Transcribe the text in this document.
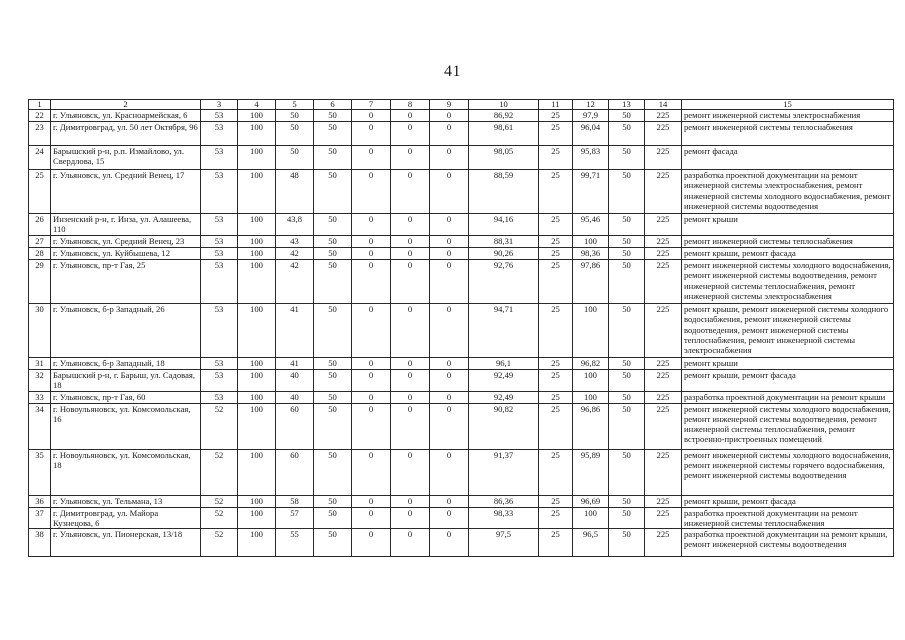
41
1	2	3	4	5	6	7	8	9	10	11	12	13	14	15
22	г. Ульяновск, ул. Красноармейская, 6	53	100	50	50	0	0	0	86,92	25	97,9	50	225	ремонт инженерной системы электроснабжения
23	г. Димитровград, ул. 50 лет Октября, 96	53	100	50	50	0	0	0	98,61	25	96,04	50	225	ремонт инженерной системы теплоснабжения
24	Барышский р-н, р.п. Измайлово, ул. Свердлова, 15	53	100	50	50	0	0	0	98,05	25	95,83	50	225	ремонт фасада
25	г. Ульяновск, ул. Средний Венец, 17	53	100	48	50	0	0	0	88,59	25	99,71	50	225	разработка проектной документации на ремонт инженерной системы электроснабжения, ремонт инженерной системы холодного водоснабжения, ремонт инженерной системы водоотведения
26	Инзенский р-н, г. Инза, ул. Алашеева, 110	53	100	43,8	50	0	0	0	94,16	25	95,46	50	225	ремонт крыши
27	г. Ульяновск, ул. Средний Венец, 23	53	100	43	50	0	0	0	88,31	25	100	50	225	ремонт инженерной системы теплоснабжения
28	г. Ульяновск, ул. Куйбышева, 12	53	100	42	50	0	0	0	90,26	25	98,36	50	225	ремонт крыши, ремонт фасада
29	г. Ульяновск, пр-т Гая, 25	53	100	42	50	0	0	0	92,76	25	97,86	50	225	ремонт инженерной системы холодного водоснабжения, ремонт инженерной системы водоотведения, ремонт инженерной системы теплоснабжения, ремонт инженерной системы электроснабжения
30	г. Ульяновск, б-р Западный, 26	53	100	41	50	0	0	0	94,71	25	100	50	225	ремонт крыши, ремонт инженерной системы холодного водоснабжения, ремонт инженерной системы водоотведения, ремонт инженерной системы теплоснабжения, ремонт инженерной системы электроснабжения
31	г. Ульяновск, б-р Западный, 18	53	100	41	50	0	0	0	96,1	25	96,82	50	225	ремонт крыши
32	Барышский р-н, г. Барыш, ул. Садовая, 18	53	100	40	50	0	0	0	92,49	25	100	50	225	ремонт крыши, ремонт фасада
33	г. Ульяновск, пр-т Гая, 60	53	100	40	50	0	0	0	92,49	25	100	50	225	разработка проектной документации на ремонт крыши
34	г. Новоульяновск, ул. Комсомольская, 16	52	100	60	50	0	0	0	90,82	25	96,86	50	225	ремонт инженерной системы холодного водоснабжения, ремонт инженерной системы водоотведения, ремонт инженерной системы теплоснабжения, ремонт встроенно-пристроенных помещений
35	г. Новоульяновск, ул. Комсомольская, 18	52	100	60	50	0	0	0	91,37	25	95,89	50	225	ремонт инженерной системы холодного водоснабжения, ремонт инженерной системы горячего водоснабжения, ремонт инженерной системы водоотведения
36	г. Ульяновск, ул. Тельмана, 13	52	100	58	50	0	0	0	86,36	25	96,69	50	225	ремонт крыши, ремонт фасада
37	г. Димитровград, ул. Майора Кузнецова, 6	52	100	57	50	0	0	0	98,33	25	100	50	225	разработка проектной документации на ремонт инженерной системы теплоснабжения
38	г. Ульяновск, ул. Пионерская, 13/18	52	100	55	50	0	0	0	97,5	25	96,5	50	225	разработка проектной документации на ремонт крыши, ремонт инженерной системы водоотведения
